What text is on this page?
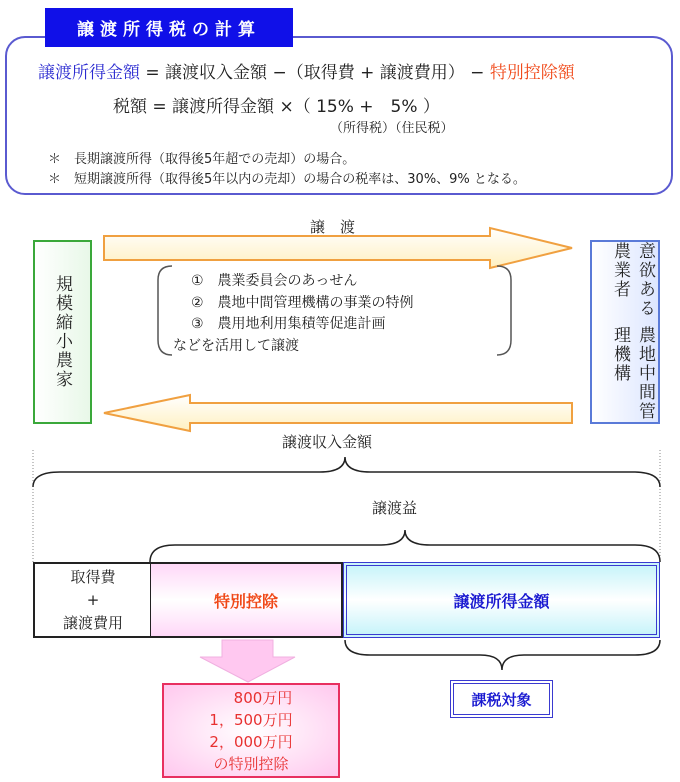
譲渡所得税の計算
譲渡所得金額 = 譲渡収入金額 −（取得費 + 譲渡費用） − 特別控除額
税額 = 譲渡所得金額 ×（ 15% +　5% ）
（所得税）（住民税）
＊　長期譲渡所得（取得後5年超での売却）の場合。
＊　短期譲渡所得（取得後5年以内の売却）の場合の税率は、30%、9% となる。
譲　渡
規模縮小農家	意欲ある農業者
農地中間管理機構
①　農業委員会のあっせん
②　農地中間管理機構の事業の特例
③　農用地利用集積等促進計画
などを活用して譲渡
譲渡収入金額
譲渡益
取得費
+
譲渡費用
特別控除	譲渡所得金額
800万円
1，500万円
2，000万円
の特別控除
課税対象
